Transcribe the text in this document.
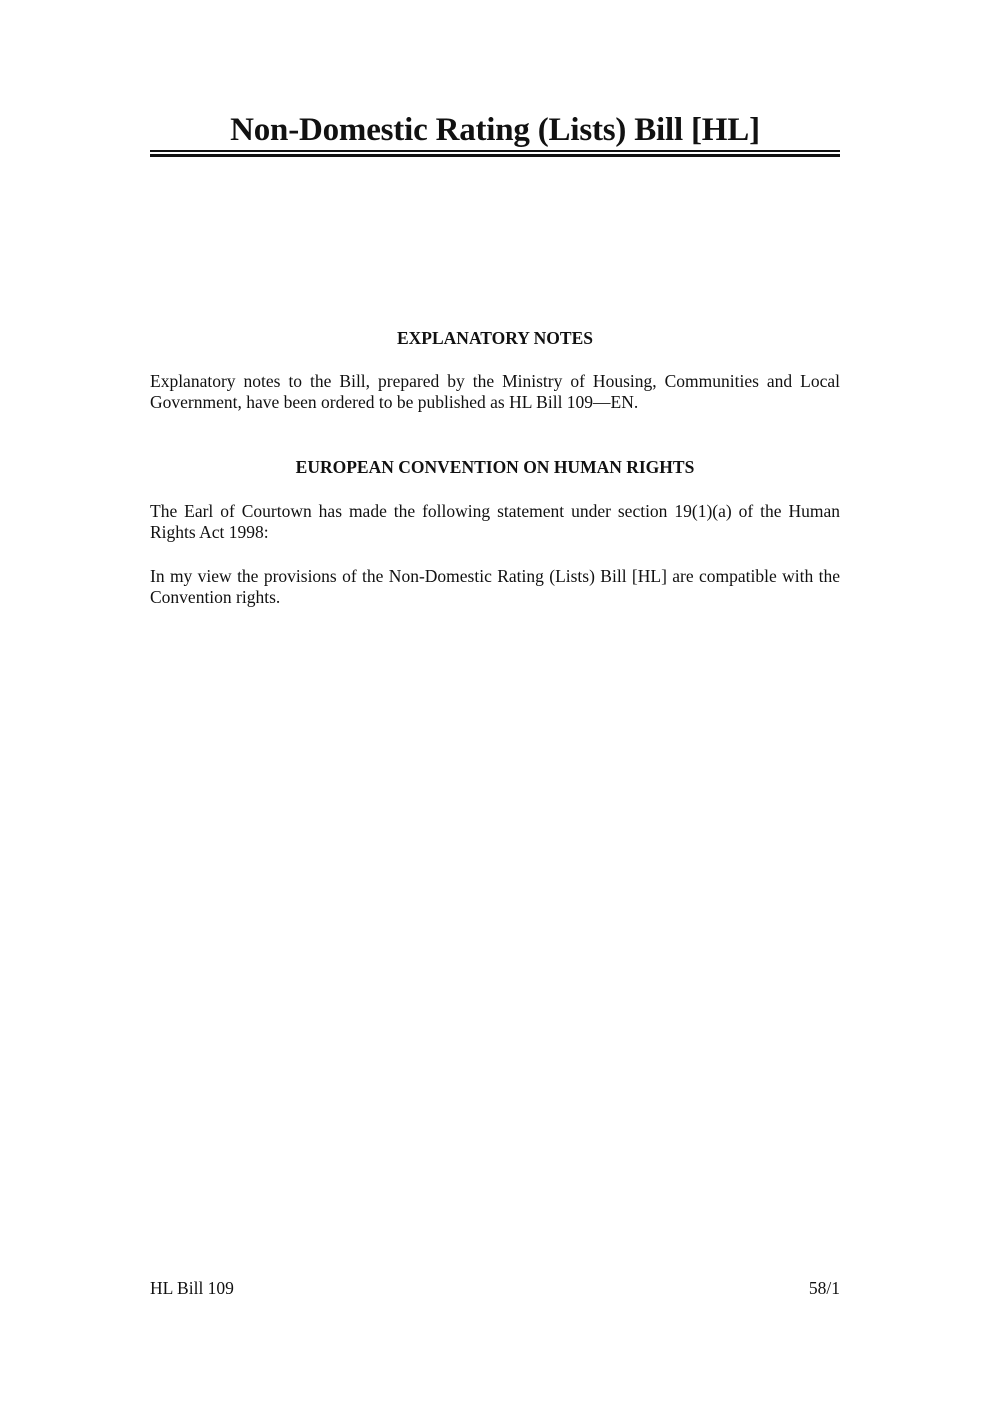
Non-Domestic Rating (Lists) Bill [HL]
EXPLANATORY NOTES

Explanatory notes to the Bill, prepared by the Ministry of Housing, Communities and Local Government, have been ordered to be published as HL Bill 109—EN.

EUROPEAN CONVENTION ON HUMAN RIGHTS

The Earl of Courtown has made the following statement under section 19(1)(a) of the Human Rights Act 1998:

In my view the provisions of the Non-Domestic Rating (Lists) Bill [HL] are compatible with the Convention rights.

HL Bill 109	58/1
